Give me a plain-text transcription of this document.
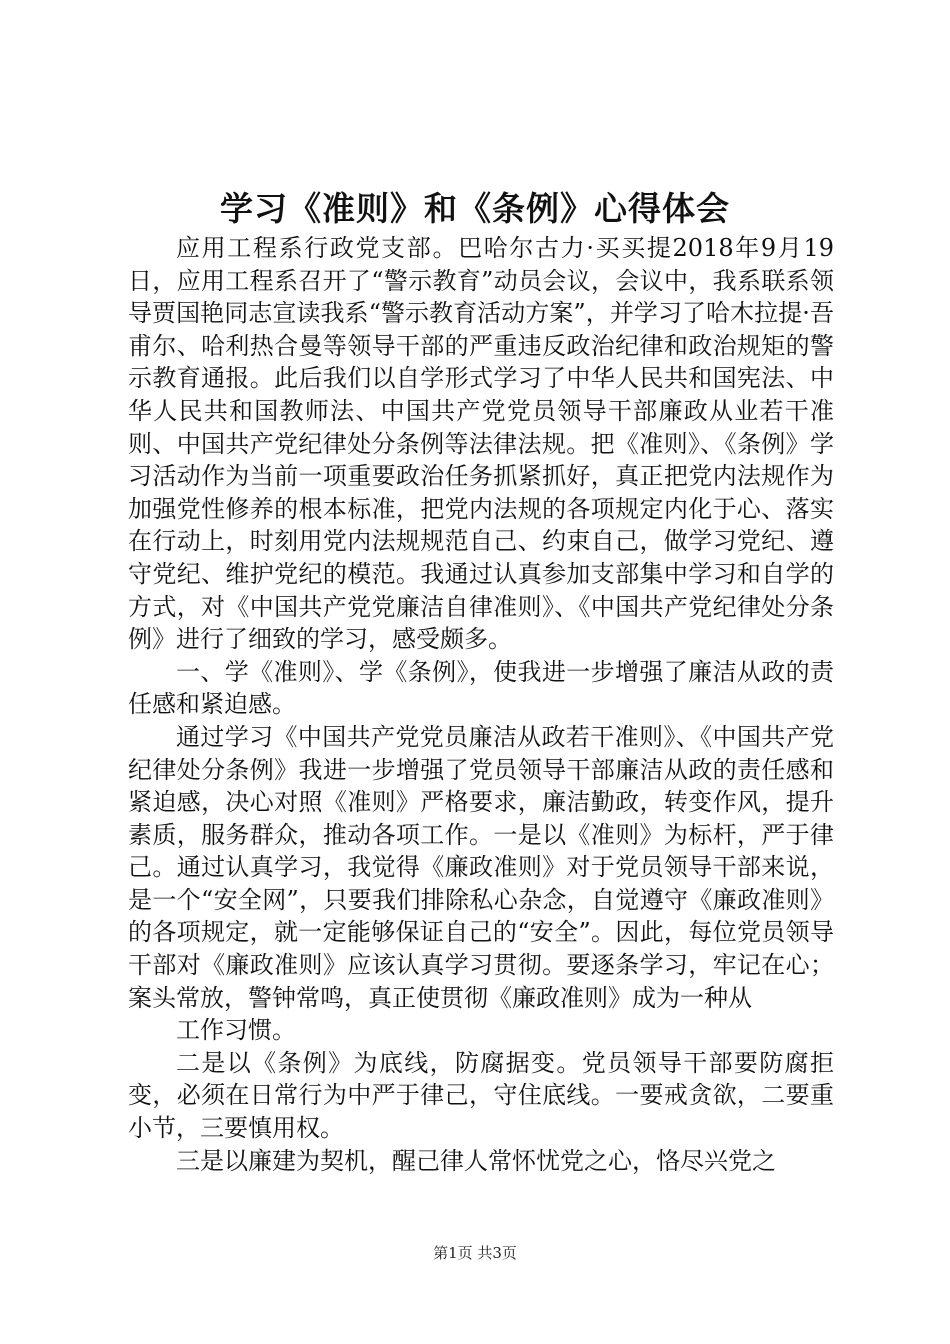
学习《准则》和《条例》心得体会

应用工程系行政党支部。巴哈尔古力·买买提2018年9月19日，应用工程系召开了“警示教育”动员会议，会议中，我系联系领导贾国艳同志宣读我系“警示教育活动方案”，并学习了哈木拉提·吾甫尔、哈利热合曼等领导干部的严重违反政治纪律和政治规矩的警示教育通报。此后我们以自学形式学习了中华人民共和国宪法、中华人民共和国教师法、中国共产党党员领导干部廉政从业若干准则、中国共产党纪律处分条例等法律法规。把《准则》、《条例》学习活动作为当前一项重要政治任务抓紧抓好，真正把党内法规作为加强党性修养的根本标准，把党内法规的各项规定内化于心、落实在行动上，时刻用党内法规规范自己、约束自己，做学习党纪、遵守党纪、维护党纪的模范。我通过认真参加支部集中学习和自学的方式，对《中国共产党党廉洁自律准则》、《中国共产党纪律处分条例》进行了细致的学习，感受颇多。

一、学《准则》、学《条例》，使我进一步增强了廉洁从政的责任感和紧迫感。

通过学习《中国共产党党员廉洁从政若干准则》、《中国共产党纪律处分条例》我进一步增强了党员领导干部廉洁从政的责任感和紧迫感，决心对照《准则》严格要求，廉洁勤政，转变作风，提升素质，服务群众，推动各项工作。一是以《准则》为标杆，严于律己。通过认真学习，我觉得《廉政准则》对于党员领导干部来说，是一个“安全网”，只要我们排除私心杂念，自觉遵守《廉政准则》的各项规定，就一定能够保证自己的“安全”。因此，每位党员领导干部对《廉政准则》应该认真学习贯彻。要逐条学习，牢记在心；案头常放，警钟常鸣，真正使贯彻《廉政准则》成为一种从

工作习惯。

二是以《条例》为底线，防腐据变。党员领导干部要防腐拒变，必须在日常行为中严于律己，守住底线。一要戒贪欲，二要重小节，三要慎用权。

三是以廉建为契机，醒己律人常怀忧党之心，恪尽兴党之

第1页 共3页
